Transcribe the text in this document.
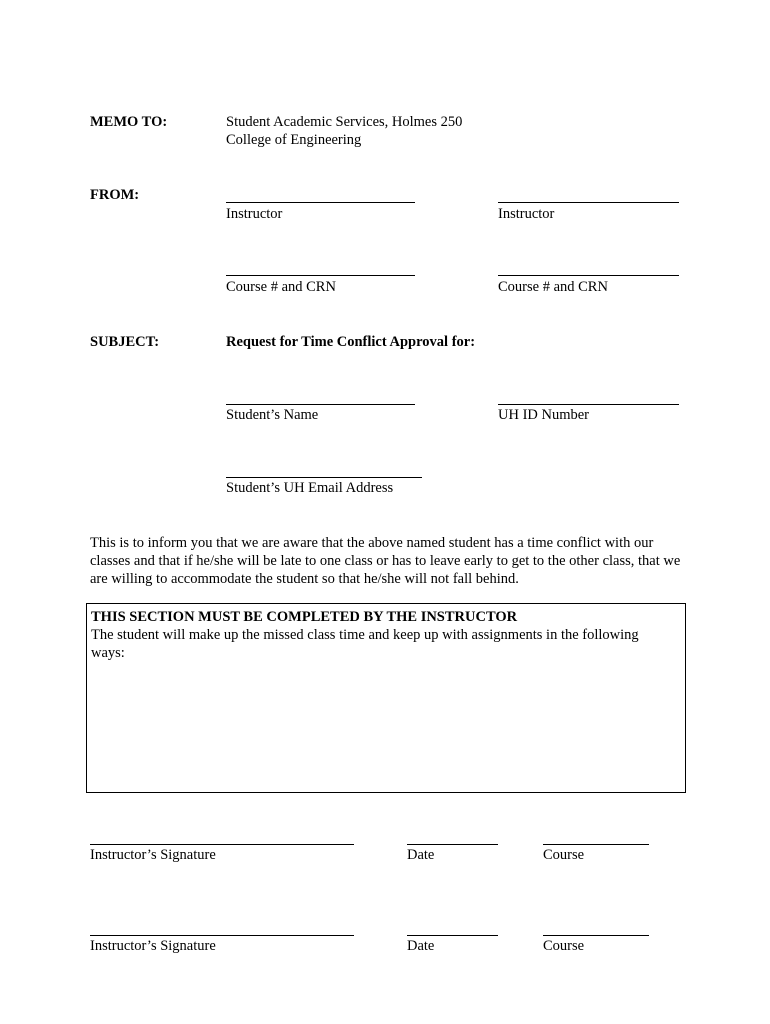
MEMO TO:	Student Academic Services, Holmes 250
College of Engineering
FROM:
Instructor	Instructor
Course # and CRN	Course # and CRN
SUBJECT:	Request for Time Conflict Approval for:
Student’s Name	UH ID Number
Student’s UH Email Address
This is to inform you that we are aware that the above named student has a time conflict with our classes and that if he/she will be late to one class or has to leave early to get to the other class, that we are willing to accommodate the student so that he/she will not fall behind.
THIS SECTION MUST BE COMPLETED BY THE INSTRUCTOR
The student will make up the missed class time and keep up with assignments in the following ways:
Instructor’s Signature	Date	Course
Instructor’s Signature	Date	Course
